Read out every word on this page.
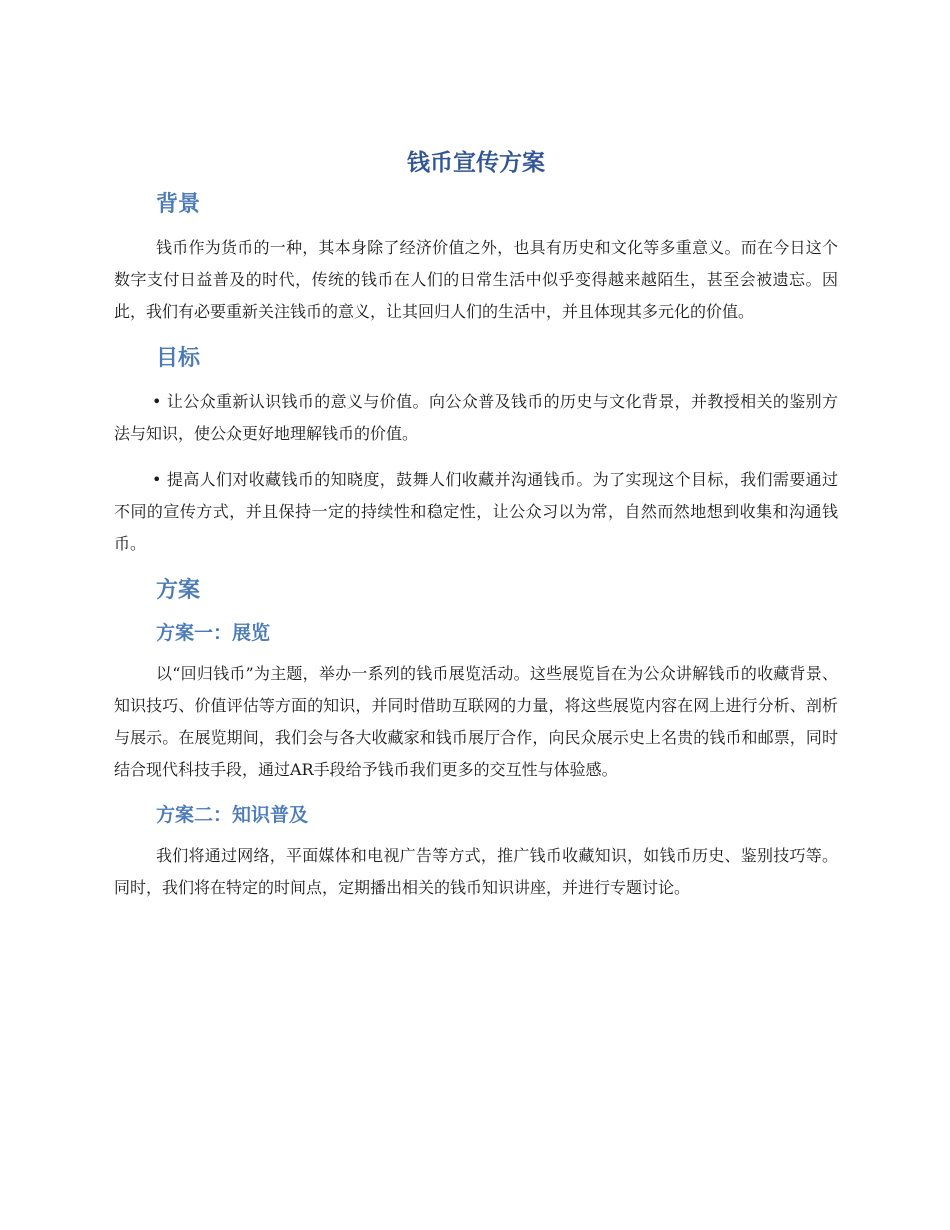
钱币宣传方案
背景

钱币作为货币的一种，其本身除了经济价值之外，也具有历史和文化等多重意义。而在今日这个数字支付日益普及的时代，传统的钱币在人们的日常生活中似乎变得越来越陌生，甚至会被遗忘。因此，我们有必要重新关注钱币的意义，让其回归人们的生活中，并且体现其多元化的价值。

目标

• 让公众重新认识钱币的意义与价值。向公众普及钱币的历史与文化背景，并教授相关的鉴别方法与知识，使公众更好地理解钱币的价值。

• 提高人们对收藏钱币的知晓度，鼓舞人们收藏并沟通钱币。为了实现这个目标，我们需要通过不同的宣传方式，并且保持一定的持续性和稳定性，让公众习以为常，自然而然地想到收集和沟通钱币。

方案
方案一：展览

以“回归钱币”为主题，举办一系列的钱币展览活动。这些展览旨在为公众讲解钱币的收藏背景、知识技巧、价值评估等方面的知识，并同时借助互联网的力量，将这些展览内容在网上进行分析、剖析与展示。在展览期间，我们会与各大收藏家和钱币展厅合作，向民众展示史上名贵的钱币和邮票，同时结合现代科技手段，通过AR手段给予钱币我们更多的交互性与体验感。

方案二：知识普及

我们将通过网络，平面媒体和电视广告等方式，推广钱币收藏知识，如钱币历史、鉴别技巧等。同时，我们将在特定的时间点，定期播出相关的钱币知识讲座，并进行专题讨论。
